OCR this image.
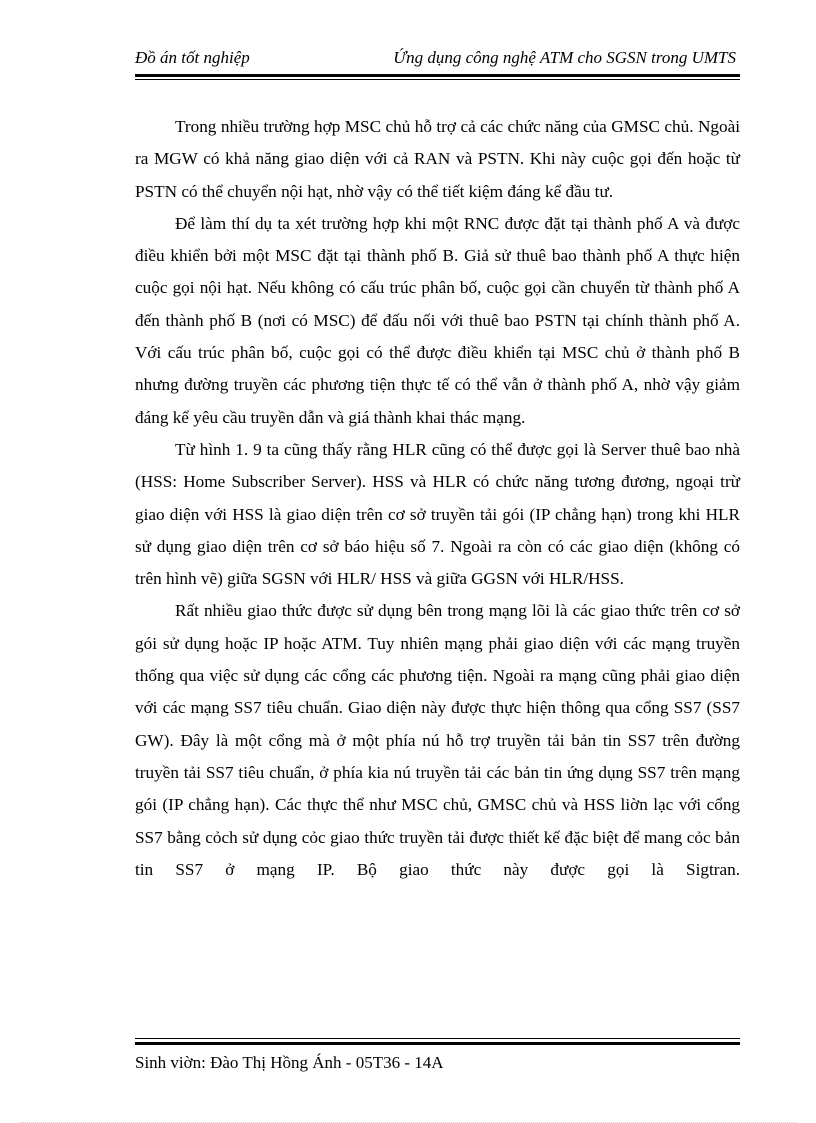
Đồ án tốt nghiệp	Ứng dụng công nghệ ATM cho SGSN trong UMTS

Trong nhiều trường hợp MSC chủ hỗ trợ cả các chức năng của GMSC chủ. Ngoài ra MGW có khả năng giao diện với cả RAN và PSTN. Khi này cuộc gọi đến hoặc từ PSTN có thể chuyển nội hạt, nhờ vậy có thể tiết kiệm đáng kể đầu tư.

Để làm thí dụ ta xét trường hợp khi một RNC được đặt tại thành phố A và được điều khiển bởi một MSC đặt tại thành phố B. Giả sử thuê bao thành phố A thực hiện cuộc gọi nội hạt. Nếu không có cấu trúc phân bố, cuộc gọi cần chuyển từ thành phố A đến thành phố B (nơi có MSC) để đấu nối với thuê bao PSTN tại chính thành phố A. Với cấu trúc phân bố, cuộc gọi có thể được điều khiển tại MSC chủ ở thành phố B nhưng đường truyền các phương tiện thực tế có thể vẫn ở thành phố A, nhờ vậy giảm đáng kể yêu cầu truyền dẫn và giá thành khai thác mạng.

Từ hình 1. 9 ta cũng thấy rằng HLR cũng có thể được gọi là Server thuê bao nhà (HSS: Home Subscriber Server). HSS và HLR có chức năng tương đương, ngoại trừ giao diện với HSS là giao diện trên cơ sở truyền tải gói (IP chẳng hạn) trong khi HLR sử dụng giao diện trên cơ sở báo hiệu số 7. Ngoài ra còn có các giao diện (không có trên hình vẽ) giữa SGSN với HLR/ HSS và giữa GGSN với HLR/HSS.

Rất nhiều giao thức được sử dụng bên trong mạng lõi là các giao thức trên cơ sở gói sử dụng hoặc IP hoặc ATM. Tuy nhiên mạng phải giao diện với các mạng truyền thống qua việc sử dụng các cổng các phương tiện. Ngoài ra mạng cũng phải giao diện với các mạng SS7 tiêu chuẩn. Giao diện này được thực hiện thông qua cổng SS7 (SS7 GW). Đây là một cổng mà ở một phía nú hỗ trợ truyền tải bản tin SS7 trên đường truyền tải SS7 tiêu chuẩn, ở phía kia nú truyền tải các bản tin ứng dụng SS7 trên mạng gói (IP chẳng hạn). Các thực thể như MSC chủ, GMSC chủ và HSS liờn lạc với cổng SS7 bằng cỏch sử dụng cỏc giao thức truyền tải được thiết kế đặc biệt để mang cỏc bản tin SS7 ở mạng IP. Bộ giao thức này được gọi là Sigtran.

Sinh viờn: Đào Thị Hồng Ánh - 05T36 - 14A
